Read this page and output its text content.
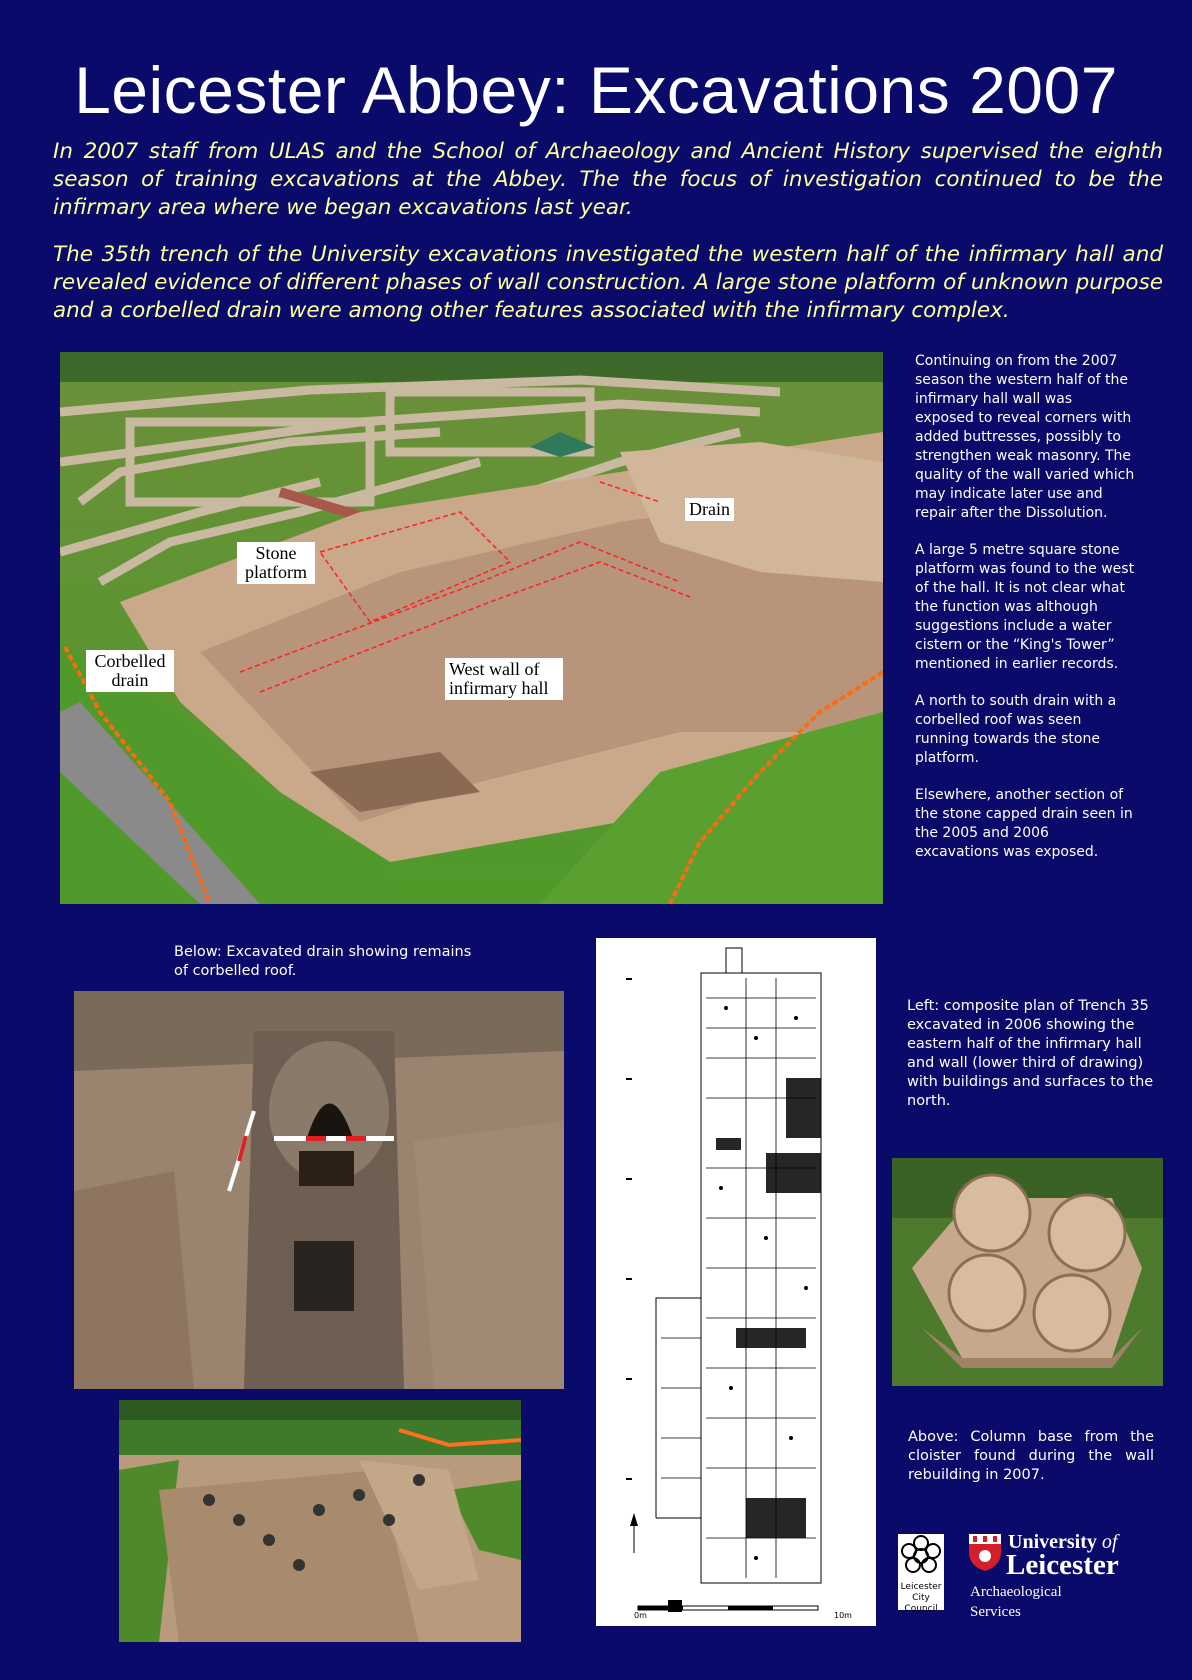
Leicester Abbey: Excavations 2007
In 2007 staff from ULAS and the School of Archaeology and Ancient History supervised the eighth season of training excavations at the Abbey. The the focus of investigation continued to be the infirmary area where we began excavations last year.
The 35th trench of the University excavations investigated the western half of the infirmary hall and revealed evidence of different phases of wall construction. A large stone platform of unknown purpose and a corbelled drain were among other features associated with the infirmary complex.
Drain
Stone
platform
Corbelled
drain
West wall of
infirmary hall

Continuing on from the 2007 season the western half of the infirmary hall wall was exposed to reveal corners with added buttresses, possibly to strengthen weak masonry. The quality of the wall varied which may indicate later use and repair after the Dissolution.

A large 5 metre square stone platform was found to the west of the hall. It is not clear what the function was although suggestions include a water cistern or the “King's Tower” mentioned in earlier records.

A north to south drain with a corbelled roof was seen running towards the stone platform.

Elsewhere, another section of the stone capped drain seen in the 2005 and 2006 excavations was exposed.

Below: Excavated drain showing remains of corbelled roof.
0m	10m
Left: composite plan of Trench 35 excavated in 2006 showing the eastern half of the infirmary hall and wall (lower third of drawing) with buildings and surfaces to the north.
Above: Column base from the cloister found during the wall rebuilding in 2007.
Leicester
City Council
University of
Leicester
Archaeological
Services
